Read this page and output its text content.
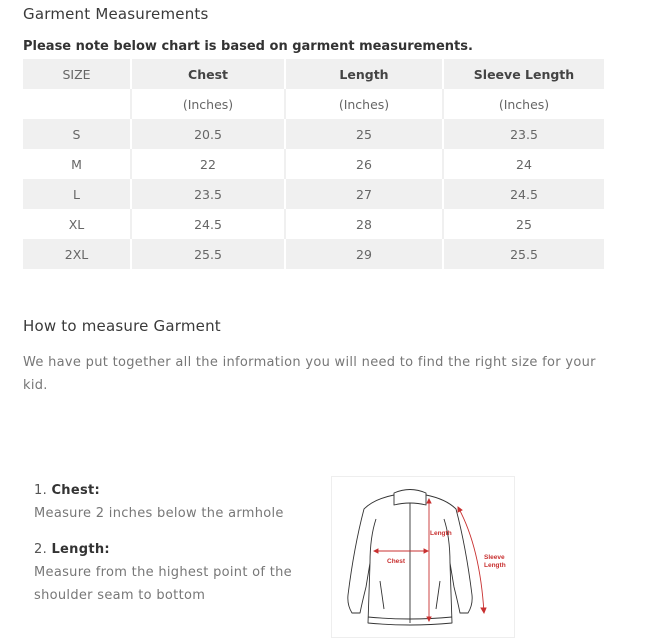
Garment Measurements
Please note below chart is based on garment measurements.
SIZE	Chest	Length	Sleeve Length
	(Inches)	(Inches)	(Inches)
S	20.5	25	23.5
M	22	26	24
L	23.5	27	24.5
XL	24.5	28	25
2XL	25.5	29	25.5
How to measure Garment
We have put together all the information you will need to find the right size for your kid.

1. Chest:

Measure 2 inches below the armhole

2. Length:

Measure from the highest point of the shoulder seam to bottom

Chest
Length
Sleeve
Length
